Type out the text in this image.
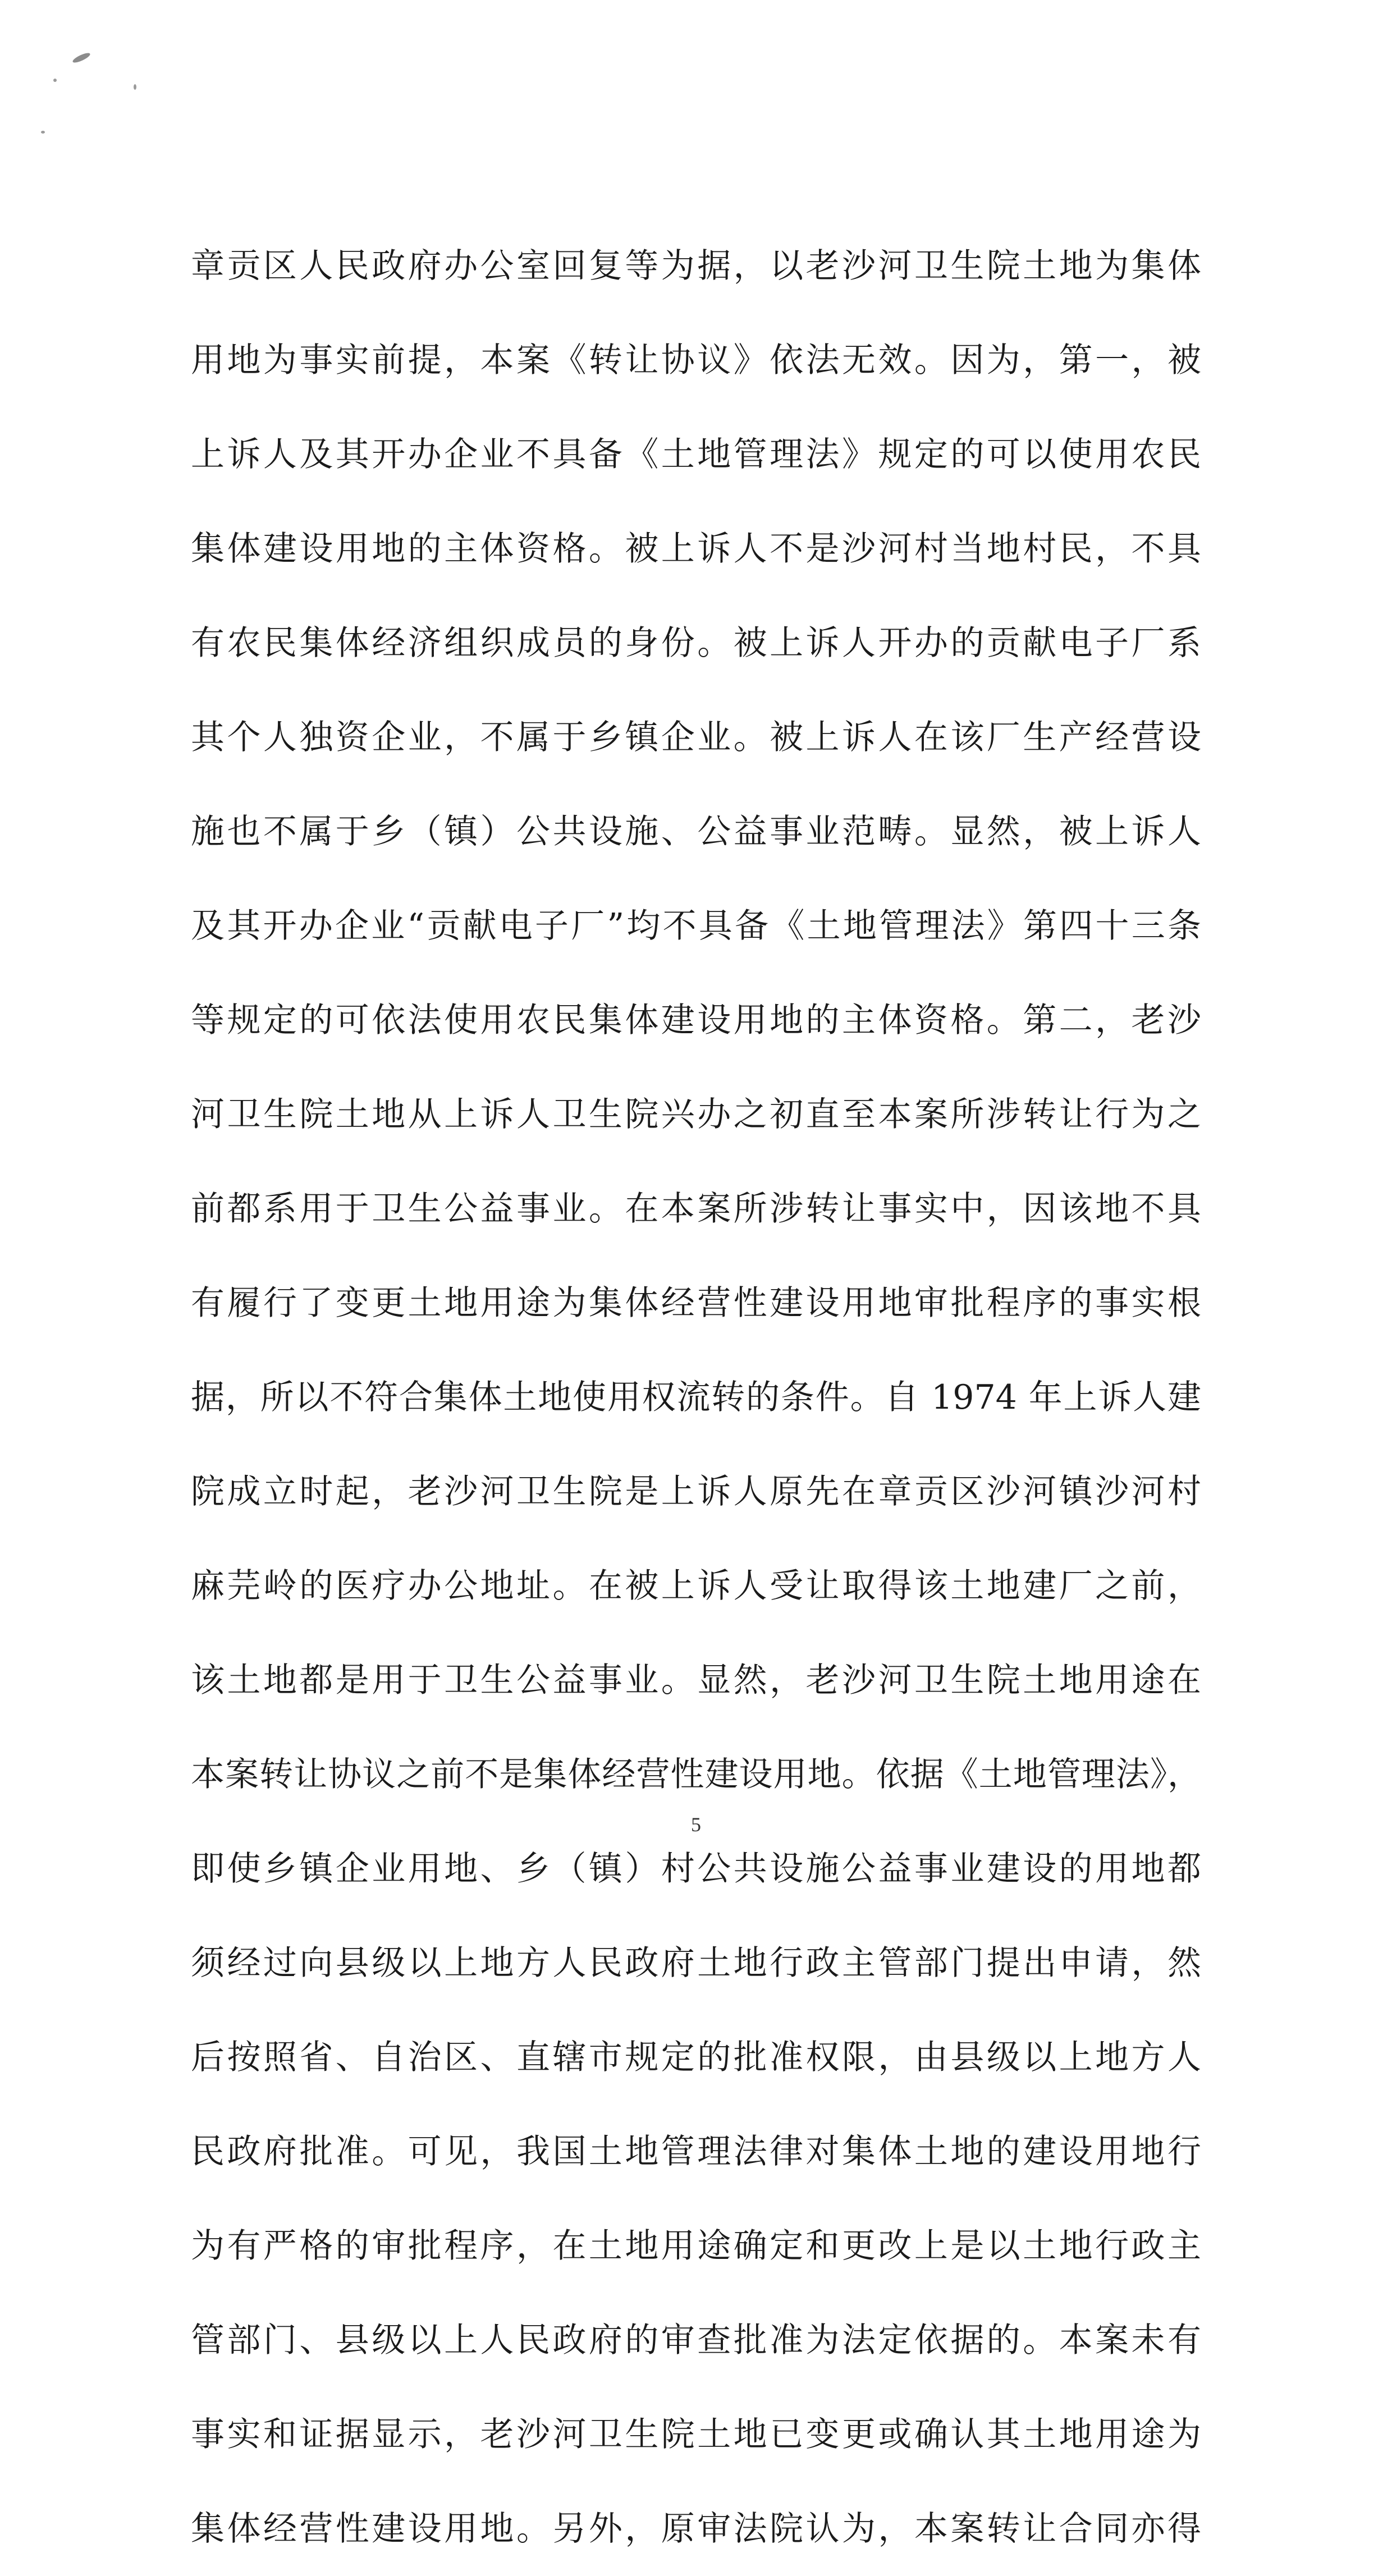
章贡区人民政府办公室回复等为据，以老沙河卫生院土地为集体
用地为事实前提，本案《转让协议》依法无效。因为，第一，被
上诉人及其开办企业不具备《土地管理法》规定的可以使用农民
集体建设用地的主体资格。被上诉人不是沙河村当地村民，不具
有农民集体经济组织成员的身份。被上诉人开办的贡献电子厂系
其个人独资企业，不属于乡镇企业。被上诉人在该厂生产经营设
施也不属于乡（镇）公共设施、公益事业范畴。显然，被上诉人
及其开办企业“贡献电子厂”均不具备《土地管理法》第四十三条
等规定的可依法使用农民集体建设用地的主体资格。第二，老沙
河卫生院土地从上诉人卫生院兴办之初直至本案所涉转让行为之
前都系用于卫生公益事业。在本案所涉转让事实中，因该地不具
有履行了变更土地用途为集体经营性建设用地审批程序的事实根
据，所以不符合集体土地使用权流转的条件。自 1974 年上诉人建
院成立时起，老沙河卫生院是上诉人原先在章贡区沙河镇沙河村
麻芫岭的医疗办公地址。在被上诉人受让取得该土地建厂之前，
该土地都是用于卫生公益事业。显然，老沙河卫生院土地用途在
本案转让协议之前不是集体经营性建设用地。依据《土地管理法》，
即使乡镇企业用地、乡（镇）村公共设施公益事业建设的用地都
须经过向县级以上地方人民政府土地行政主管部门提出申请，然
后按照省、自治区、直辖市规定的批准权限，由县级以上地方人
民政府批准。可见，我国土地管理法律对集体土地的建设用地行
为有严格的审批程序，在土地用途确定和更改上是以土地行政主
管部门、县级以上人民政府的审查批准为法定依据的。本案未有
事实和证据显示，老沙河卫生院土地已变更或确认其土地用途为
集体经营性建设用地。另外，原审法院认为，本案转让合同亦得
5
